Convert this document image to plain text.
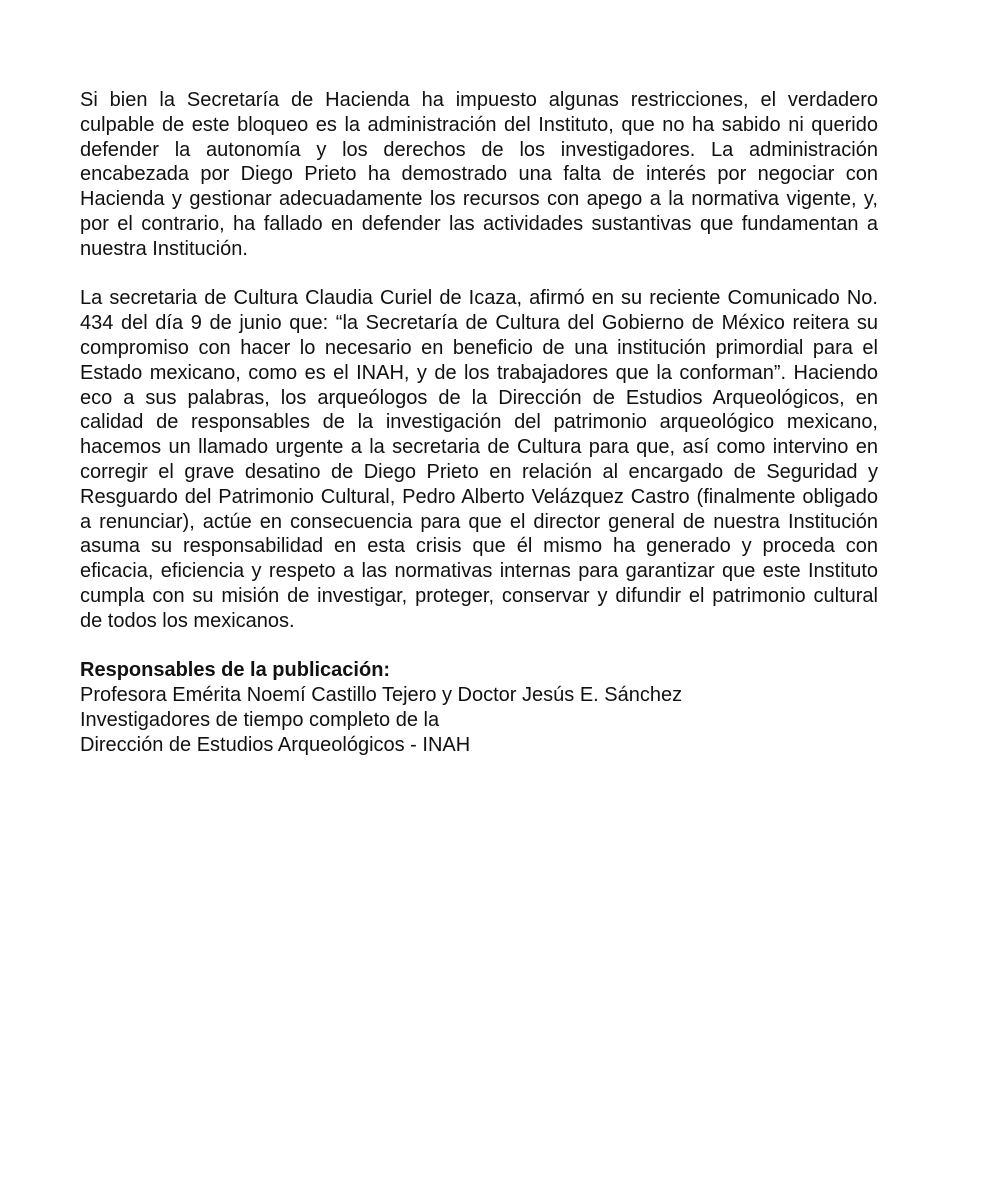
Si bien la Secretaría de Hacienda ha impuesto algunas restricciones, el verdadero culpable de este bloqueo es la administración del Instituto, que no ha sabido ni querido defender la autonomía y los derechos de los investigadores. La administración encabezada por Diego Prieto ha demostrado una falta de interés por negociar con Hacienda y gestionar adecuadamente los recursos con apego a la normativa vigente, y, por el contrario, ha fallado en defender las actividades sustantivas que fundamentan a nuestra Institución.

La secretaria de Cultura Claudia Curiel de Icaza, afirmó en su reciente Comunicado No. 434 del día 9 de junio que: “la Secretaría de Cultura del Gobierno de México reitera su compromiso con hacer lo necesario en beneficio de una institución primordial para el Estado mexicano, como es el INAH, y de los trabajadores que la conforman”. Haciendo eco a sus palabras, los arqueólogos de la Dirección de Estudios Arqueológicos, en calidad de responsables de la investigación del patrimonio arqueológico mexicano, hacemos un llamado urgente a la secretaria de Cultura para que, así como intervino en corregir el grave desatino de Diego Prieto en relación al encargado de Seguridad y Resguardo del Patrimonio Cultural, Pedro Alberto Velázquez Castro (finalmente obligado a renunciar), actúe en consecuencia para que el director general de nuestra Institución asuma su responsabilidad en esta crisis que él mismo ha generado y proceda con eficacia, eficiencia y respeto a las normativas internas para garantizar que este Instituto cumpla con su misión de investigar, proteger, conservar y difundir el patrimonio cultural de todos los mexicanos.

Responsables de la publicación:
Profesora Emérita Noemí Castillo Tejero y Doctor Jesús E. Sánchez
Investigadores de tiempo completo de la
Dirección de Estudios Arqueológicos - INAH
